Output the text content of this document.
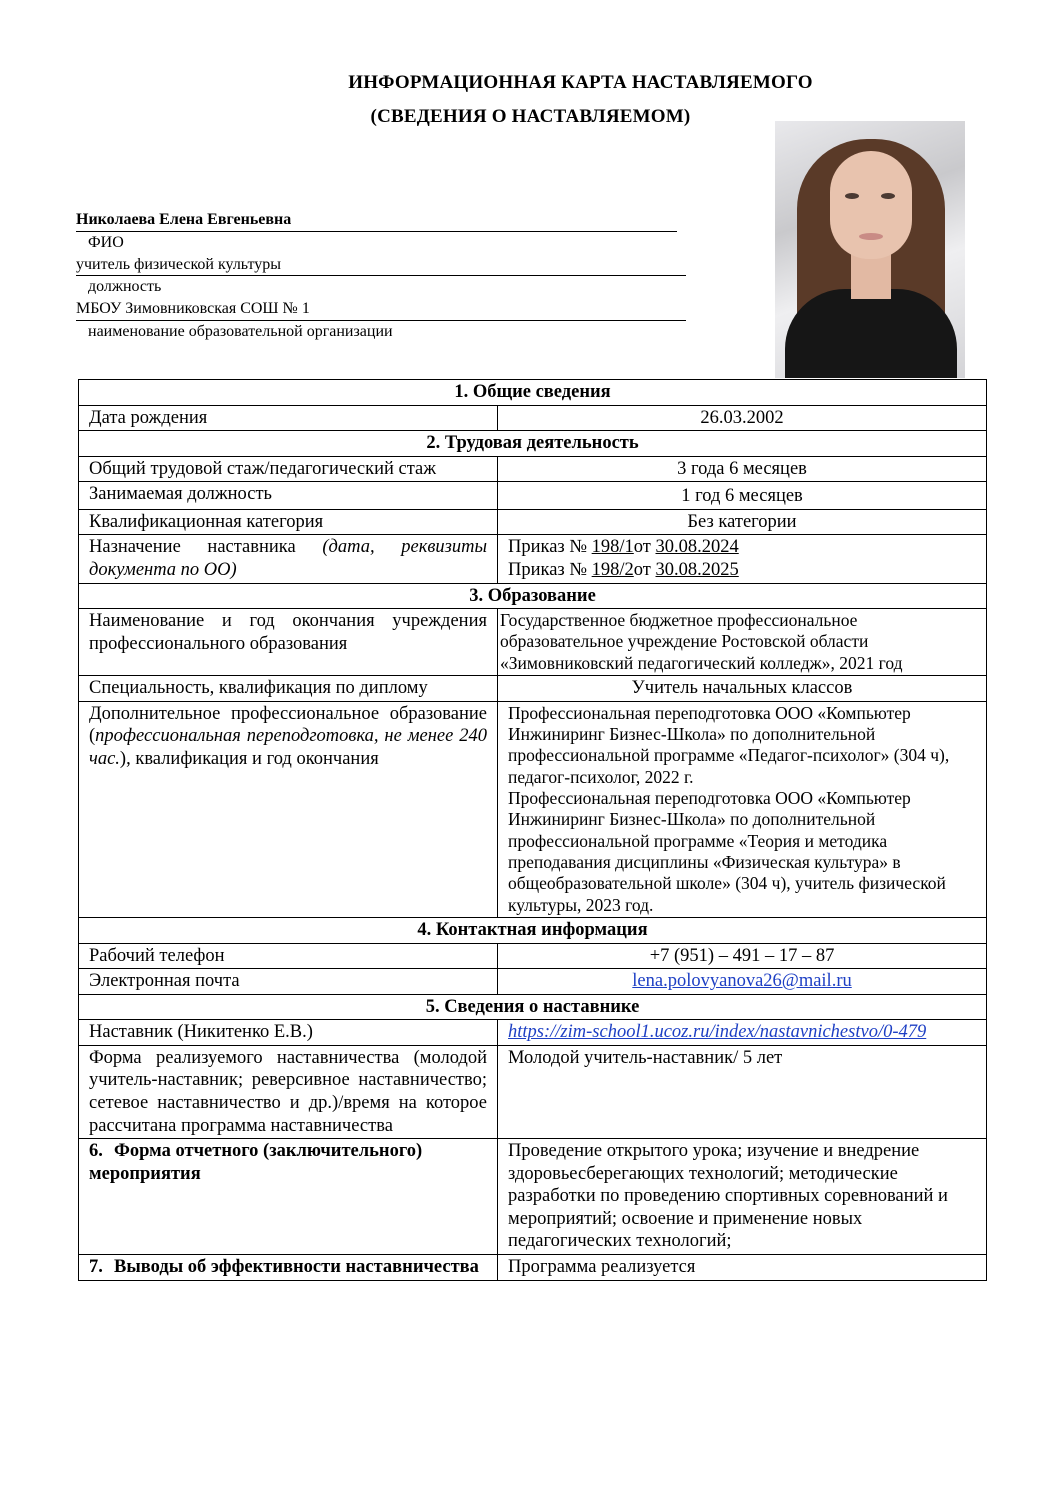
ИНФОРМАЦИОННАЯ КАРТА НАСТАВЛЯЕМОГО
(СВЕДЕНИЯ О НАСТАВЛЯЕМОМ)
Николаева Елена Евгеньевна
ФИО
учитель физической культуры
должность
МБОУ Зимовниковская СОШ № 1
наименование образовательной организации
1. Общие сведения	
Дата рождения	26.03.2002
2. Трудовая деятельность	
Общий трудовой стаж/педагогический стаж	3 года 6 месяцев
Занимаемая должность	1 год 6 месяцев
Квалификационная категория	Без категории
Назначение наставника (дата, реквизиты документа по ОО)	Приказ № 198/1от 30.08.2024
Приказ № 198/2от 30.08.2025

3. Образование	
Наименование и год окончания учреждения профессионального образования	Государственное бюджетное профессиональное образовательное учреждение Ростовской области «Зимовниковский педагогический колледж», 2021 год
Специальность, квалификация по диплому	Учитель начальных классов
Дополнительное профессиональное образование (профессиональная переподготовка, не менее 240 час.), квалификация и год окончания	Профессиональная переподготовка ООО «Компьютер Инжиниринг Бизнес-Школа» по дополнительной профессиональной программе «Педагог-психолог» (304 ч), педагог-психолог, 2022 г.
Профессиональная переподготовка ООО «Компьютер Инжиниринг Бизнес-Школа» по дополнительной профессиональной программе «Теория и методика преподавания дисциплины «Физическая культура» в общеобразовательной школе» (304 ч), учитель физической культуры, 2023 год.

4. Контактная информация	
Рабочий телефон	+7 (951) – 491 – 17 – 87
Электронная почта	lena.polovyanova26@mail.ru
5. Сведения о наставнике	
Наставник (Никитенко Е.В.)	https://zim-school1.ucoz.ru/index/nastavnichestvo/0-479
Форма реализуемого наставничества (молодой учитель-наставник; реверсивное наставничество; сетевое наставничество и др.)/время на которое рассчитана программа наставничества	Молодой учитель-наставник/ 5 лет
6. Форма отчетного (заключительного) мероприятия	Проведение открытого урока; изучение и внедрение здоровьесберегающих технологий; методические разработки по проведению спортивных соревнований и мероприятий; освоение и применение новых педагогических технологий;
7. Выводы об эффективности наставничества	Программа реализуется
